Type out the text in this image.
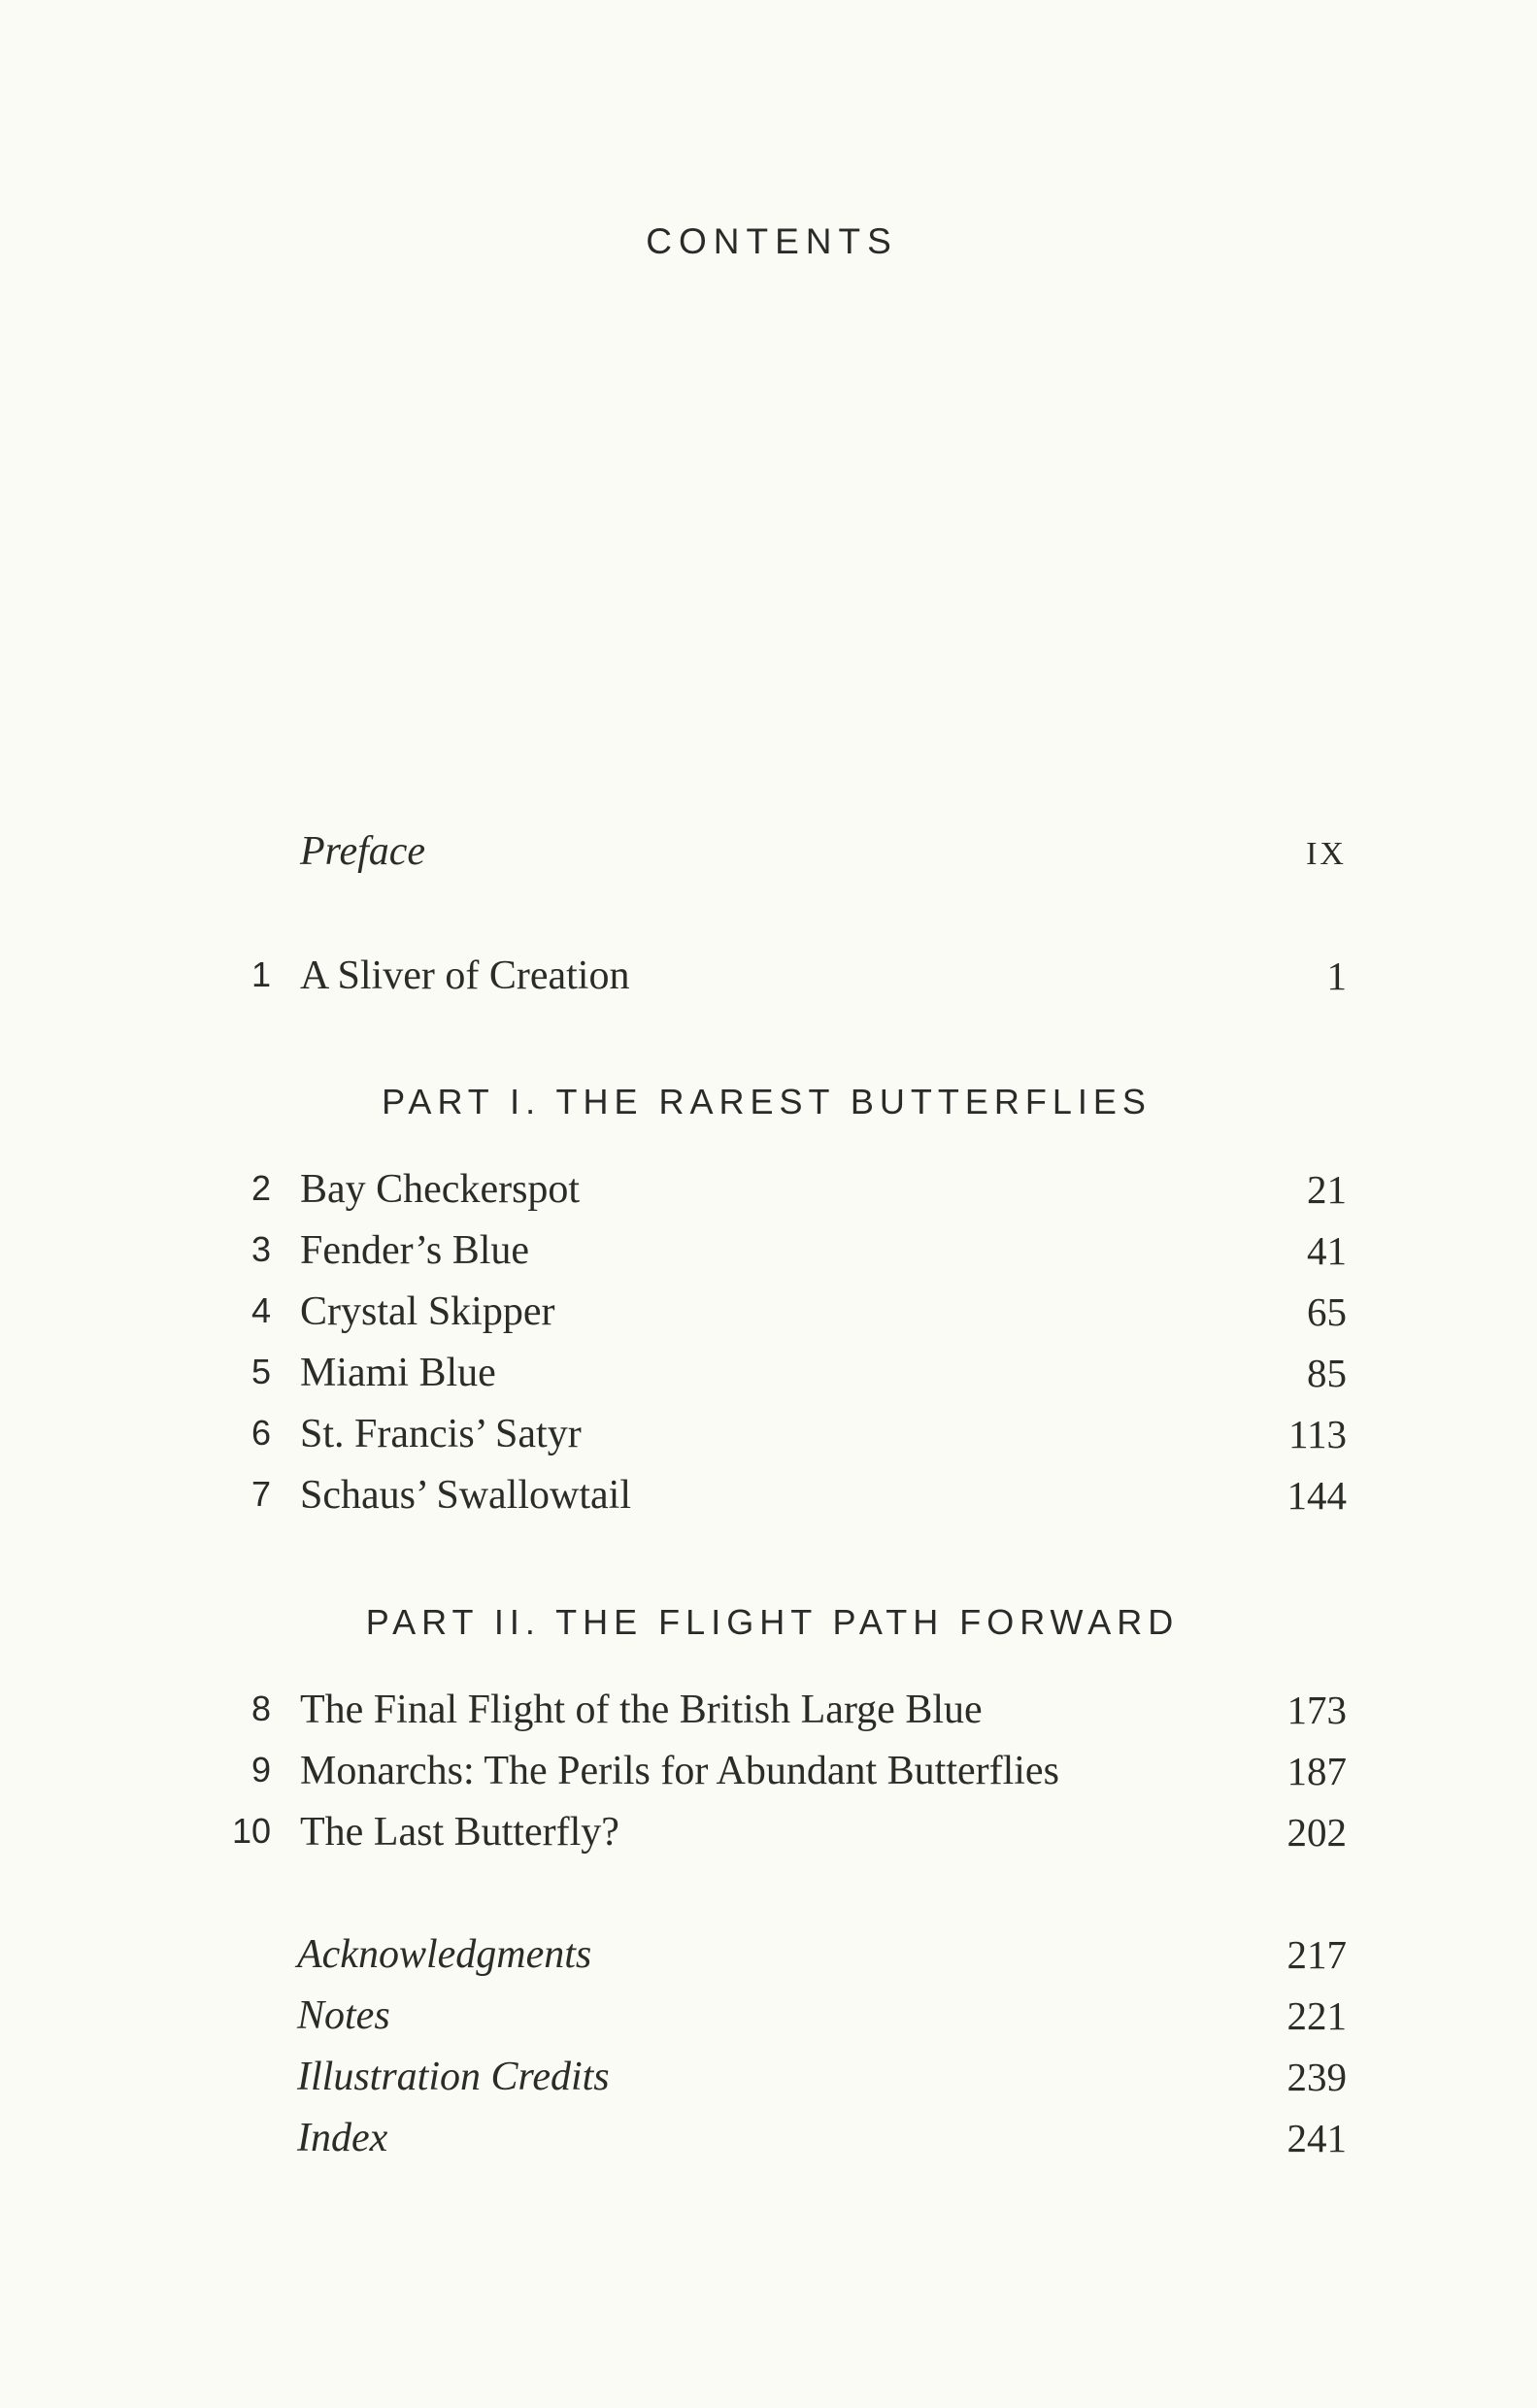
CONTENTS
Preface	IX
1 A Sliver of Creation	1
PART I. THE RAREST BUTTERFLIES
2 Bay Checkerspot	21
3 Fender’s Blue	41
4 Crystal Skipper	65
5 Miami Blue	85
6 St. Francis’ Satyr	113
7 Schaus’ Swallowtail	144
PART II. THE FLIGHT PATH FORWARD
8 The Final Flight of the British Large Blue	173
9 Monarchs: The Perils for Abundant Butterflies	187
10 The Last Butterfly?	202
Acknowledgments	217
Notes	221
Illustration Credits	239
Index	241
